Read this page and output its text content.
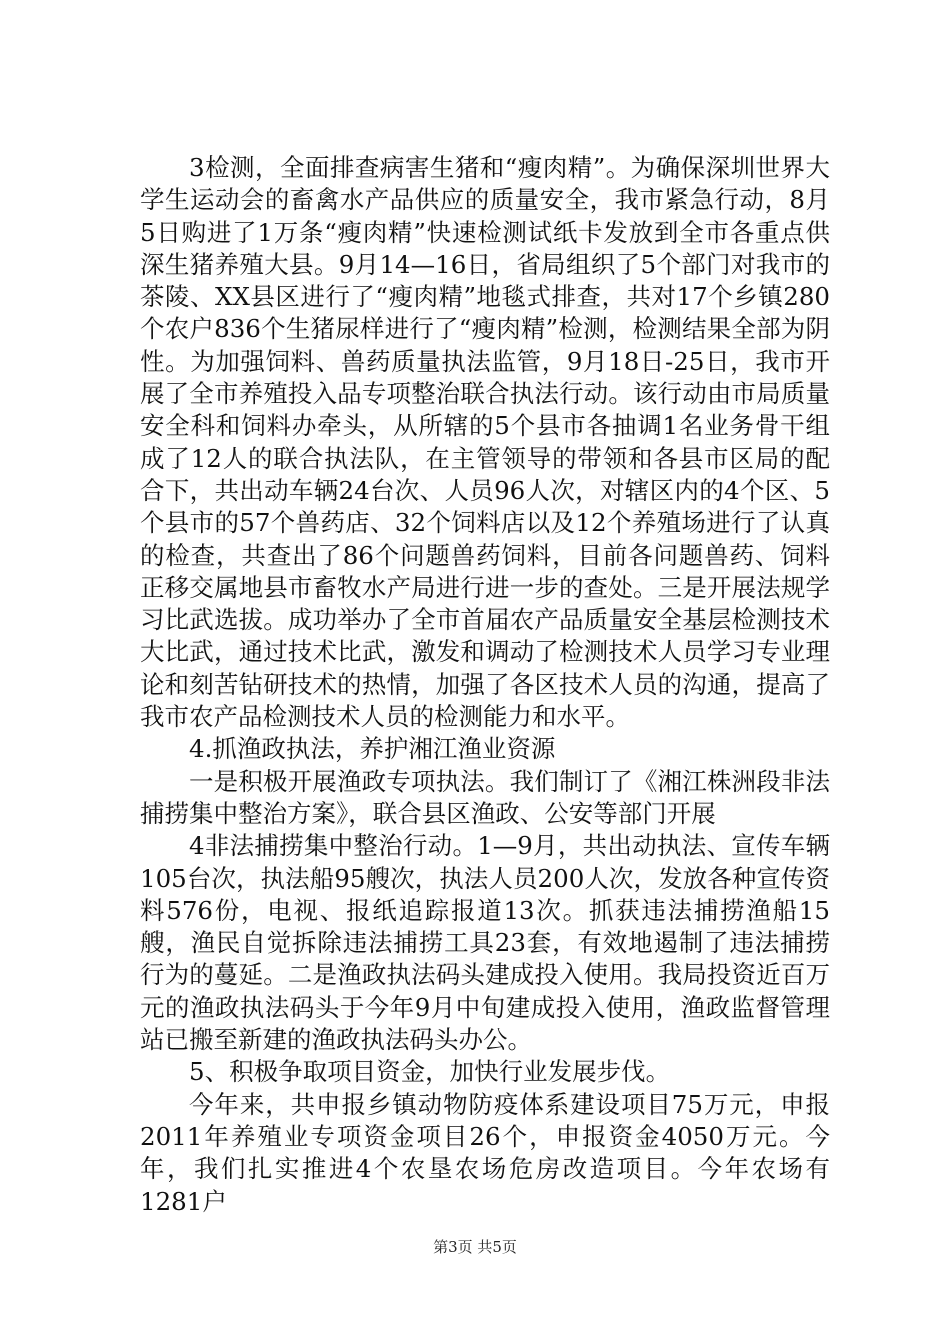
3检测，全面排查病害生猪和“瘦肉精”。为确保深圳世界大学生运动会的畜禽水产品供应的质量安全，我市紧急行动，8月5日购进了1万条“瘦肉精”快速检测试纸卡发放到全市各重点供深生猪养殖大县。9月14—16日，省局组织了5个部门对我市的茶陵、XX县区进行了“瘦肉精”地毯式排查，共对17个乡镇280个农户836个生猪尿样进行了“瘦肉精”检测，检测结果全部为阴性。为加强饲料、兽药质量执法监管，9月18日-25日，我市开展了全市养殖投入品专项整治联合执法行动。该行动由市局质量安全科和饲料办牵头，从所辖的5个县市各抽调1名业务骨干组成了12人的联合执法队，在主管领导的带领和各县市区局的配合下，共出动车辆24台次、人员96人次，对辖区内的4个区、5个县市的57个兽药店、32个饲料店以及12个养殖场进行了认真的检查，共查出了86个问题兽药饲料，目前各问题兽药、饲料正移交属地县市畜牧水产局进行进一步的查处。三是开展法规学习比武选拔。成功举办了全市首届农产品质量安全基层检测技术大比武，通过技术比武，激发和调动了检测技术人员学习专业理论和刻苦钻研技术的热情，加强了各区技术人员的沟通，提高了我市农产品检测技术人员的检测能力和水平。

4.抓渔政执法，养护湘江渔业资源

一是积极开展渔政专项执法。我们制订了《湘江株洲段非法捕捞集中整治方案》，联合县区渔政、公安等部门开展

4非法捕捞集中整治行动。1—9月，共出动执法、宣传车辆105台次，执法船95艘次，执法人员200人次，发放各种宣传资料576份，电视、报纸追踪报道13次。抓获违法捕捞渔船15艘，渔民自觉拆除违法捕捞工具23套，有效地遏制了违法捕捞行为的蔓延。二是渔政执法码头建成投入使用。我局投资近百万元的渔政执法码头于今年9月中旬建成投入使用，渔政监督管理站已搬至新建的渔政执法码头办公。

5、积极争取项目资金，加快行业发展步伐。

今年来，共申报乡镇动物防疫体系建设项目75万元，申报2011年养殖业专项资金项目26个，申报资金4050万元。今年，我们扎实推进4个农垦农场危房改造项目。今年农场有1281户

第3页 共5页
